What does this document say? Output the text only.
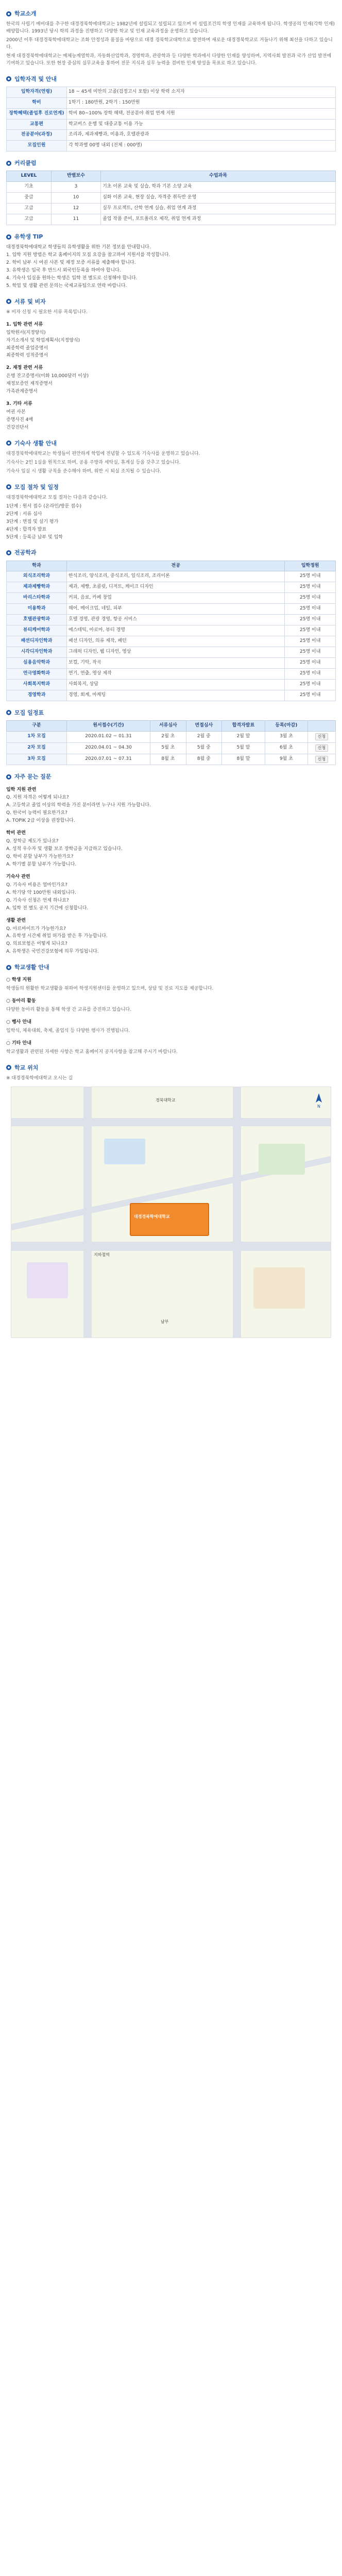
학교소개

한국의 사립기 예비대를 추구한 대경경북학에대학교는 1982년에 설립되고 설립되고 있으며 비 설립조건의 학생 인재를 교육하게 됩니다. 학생공의 인재(각학 인재) 배양합니다. 1993년 당시 학의 과정을 진행하고 다양한 학교 및 인재 교육과정을 운영하고 있습니다.

2000년 이후 대경경북학에대학교는 조화 안정성과 품질을 바탕으로 대경 경북학교대학으로 발전하며 새로운 대경경북학교로 거듭나기 위해 최선을 다하고 있습니다.

현재 대경경북학에대학교는 예체능계열학과, 자동화산업학과, 경영학과, 관광학과 등 다양한 학과에서 다양한 인재를 양성하며, 지역사회 발전과 국가 산업 발전에 기여하고 있습니다. 또한 현장 중심의 실무교육을 통하여 전문 지식과 실무 능력을 겸비한 인재 양성을 목표로 하고 있습니다.

입학자격 및 안내
입학자격(연령)	18 ~ 45세 미만의 고졸(검정고시 포함) 이상 학력 소지자
학비	1학기 : 180만원, 2학기 : 150만원
장학혜택(졸업후 진로연계)	학비 80~100% 장학 혜택, 전공분야 취업 연계 지원
교통편	학교버스 운행 및 대중교통 이용 가능
전공분야(과정)	조리과, 제과제빵과, 미용과, 호텔관광과
모집인원	각 학과별 00명 내외 (전체 : 000명)
커리큘럼
LEVEL	반별보수	수업과목
기초	3	기초 이론 교육 및 실습, 학과 기본 소양 교육
중급	10	심화 이론 교육, 현장 실습, 자격증 취득반 운영
고급	12	실무 프로젝트, 산학 연계 실습, 취업 연계 과정
고급	11	졸업 작품 준비, 포트폴리오 제작, 취업 연계 과정
유학생 TIP
대경경북학에대학교 학생들의 유학생활을 위한 기본 정보를 안내합니다.
1. 입학 지원 방법은 학교 홈페이지의 모집 요강을 참고하여 지원서를 작성합니다.
2. 학비 납부 시 여권 사본 및 재정 보증 서류를 제출해야 합니다.
3. 유학생은 입국 후 반드시 외국인등록을 하여야 합니다.
4. 기숙사 입실을 원하는 학생은 입학 전 별도로 신청해야 합니다.
5. 학업 및 생활 관련 문의는 국제교류팀으로 연락 바랍니다.
서류 및 비자

※ 비자 신청 시 필요한 서류 목록입니다.

1. 입학 관련 서류
입학원서(지정양식)
자기소개서 및 학업계획서(지정양식)
최종학력 졸업증명서
최종학력 성적증명서
2. 재정 관련 서류
은행 잔고증명서(미화 10,000달러 이상)
재정보증인 재직증명서
가족관계증명서
3. 기타 서류
여권 사본
증명사진 4매
건강진단서
기숙사 생활 안내

대경경북학에대학교는 학생들이 편안하게 학업에 전념할 수 있도록 기숙사를 운영하고 있습니다.

기숙사는 2인 1실을 원칙으로 하며, 공용 주방과 세탁실, 휴게실 등을 갖추고 있습니다.

기숙사 입실 시 생활 규칙을 준수해야 하며, 위반 시 퇴실 조치될 수 있습니다.

모집 절차 및 일정

대경경북학에대학교 모집 절차는 다음과 같습니다.

1단계 : 원서 접수 (온라인/방문 접수)
2단계 : 서류 심사
3단계 : 면접 및 실기 평가
4단계 : 합격자 발표
5단계 : 등록금 납부 및 입학
전공학과
학과	전공	입학정원
외식조리학과	한식조리, 양식조리, 중식조리, 일식조리, 조리이론	25명 이내
제과제빵학과	제과, 제빵, 초콜릿, 디저트, 케이크 디자인	25명 이내
바리스타학과	커피, 음료, 카페 창업	25명 이내
미용학과	헤어, 메이크업, 네일, 피부	25명 이내
호텔관광학과	호텔 경영, 관광 경영, 항공 서비스	25명 이내
뷰티케어학과	에스테틱, 아로마, 뷰티 경영	25명 이내
패션디자인학과	패션 디자인, 의류 제작, 패턴	25명 이내
시각디자인학과	그래픽 디자인, 웹 디자인, 영상	25명 이내
실용음악학과	보컬, 기악, 작곡	25명 이내
연극영화학과	연기, 연출, 영상 제작	25명 이내
사회복지학과	사회복지, 상담	25명 이내
경영학과	경영, 회계, 마케팅	25명 이내
모집 일정표
구분	원서접수(기간)	서류심사	면접심사	합격자발표	등록(마감)	
1차 모집	2020.01.02 ~ 01.31	2월 초	2월 중	2월 말	3월 초	신청
2차 모집	2020.04.01 ~ 04.30	5월 초	5월 중	5월 말	6월 초	신청
3차 모집	2020.07.01 ~ 07.31	8월 초	8월 중	8월 말	9월 초	신청
자주 묻는 질문
입학 지원 관련
Q. 지원 자격은 어떻게 되나요?
A. 고등학교 졸업 이상의 학력을 가진 분이라면 누구나 지원 가능합니다.
Q. 한국어 능력이 필요한가요?
A. TOPIK 2급 이상을 권장합니다.
학비 관련
Q. 장학금 제도가 있나요?
A. 성적 우수자 및 생활 보조 장학금을 지급하고 있습니다.
Q. 학비 분할 납부가 가능한가요?
A. 학기별 분할 납부가 가능합니다.
기숙사 관련
Q. 기숙사 비용은 얼마인가요?
A. 학기당 약 100만원 내외입니다.
Q. 기숙사 신청은 언제 하나요?
A. 입학 전 별도 공지 기간에 신청합니다.
생활 관련
Q. 아르바이트가 가능한가요?
A. 유학생 시간제 취업 허가를 받은 후 가능합니다.
Q. 의료보험은 어떻게 되나요?
A. 유학생은 국민건강보험에 의무 가입됩니다.
학교생활 안내
○ 학생 지원

학생들의 원활한 학교생활을 위하여 학생지원센터를 운영하고 있으며, 상담 및 진로 지도를 제공합니다.

○ 동아리 활동

다양한 동아리 활동을 통해 학생 간 교류를 증진하고 있습니다.

○ 행사 안내

입학식, 체육대회, 축제, 졸업식 등 다양한 행사가 진행됩니다.

○ 기타 안내

학교생활과 관련된 자세한 사항은 학교 홈페이지 공지사항을 참고해 주시기 바랍니다.

학교 위치

※ 대경경북학에대학교 오시는 길

대경경북학에대학교
경북대학교
남부
지하철역
N
